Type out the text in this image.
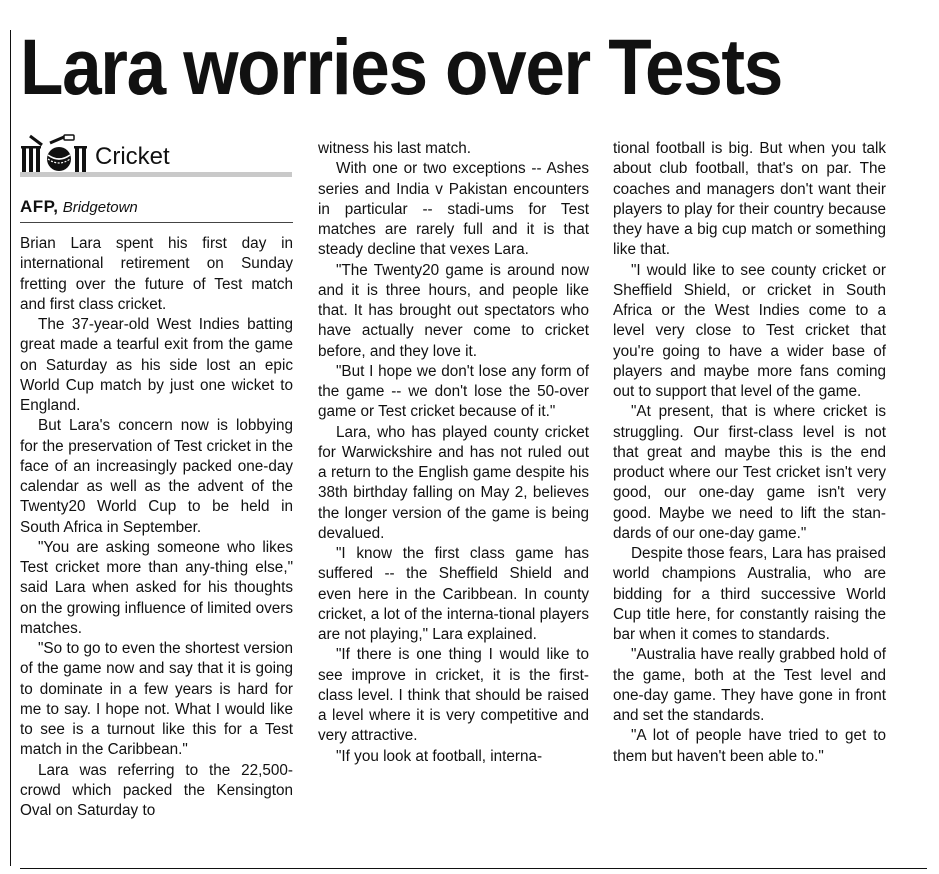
Lara worries over Tests
Cricket
AFP, Bridgetown

Brian Lara spent his first day in international retirement on Sunday fretting over the future of Test match and first class cricket.

The 37-year-old West Indies batting great made a tearful exit from the game on Saturday as his side lost an epic World Cup match by just one wicket to England.

But Lara's concern now is lobbying for the preservation of Test cricket in the face of an increasingly packed one-day calendar as well as the advent of the Twenty20 World Cup to be held in South Africa in September.

"You are asking someone who likes Test cricket more than any-thing else," said Lara when asked for his thoughts on the growing influence of limited overs matches.

"So to go to even the shortest version of the game now and say that it is going to dominate in a few years is hard for me to say. I hope not. What I would like to see is a turnout like this for a Test match in the Caribbean."

Lara was referring to the 22,500-crowd which packed the Kensington Oval on Saturday to

witness his last match.

With one or two exceptions -- Ashes series and India v Pakistan encounters in particular -- stadi-ums for Test matches are rarely full and it is that steady decline that vexes Lara.

"The Twenty20 game is around now and it is three hours, and people like that. It has brought out spectators who have actually never come to cricket before, and they love it.

"But I hope we don't lose any form of the game -- we don't lose the 50-over game or Test cricket because of it."

Lara, who has played county cricket for Warwickshire and has not ruled out a return to the English game despite his 38th birthday falling on May 2, believes the longer version of the game is being devalued.

"I know the first class game has suffered -- the Sheffield Shield and even here in the Caribbean. In county cricket, a lot of the interna-tional players are not playing," Lara explained.

"If there is one thing I would like to see improve in cricket, it is the first-class level. I think that should be raised a level where it is very competitive and very attractive.

"If you look at football, interna-

tional football is big. But when you talk about club football, that's on par. The coaches and managers don't want their players to play for their country because they have a big cup match or something like that.

"I would like to see county cricket or Sheffield Shield, or cricket in South Africa or the West Indies come to a level very close to Test cricket that you're going to have a wider base of players and maybe more fans coming out to support that level of the game.

"At present, that is where cricket is struggling. Our first-class level is not that great and maybe this is the end product where our Test cricket isn't very good, our one-day game isn't very good. Maybe we need to lift the stan-dards of our one-day game."

Despite those fears, Lara has praised world champions Australia, who are bidding for a third successive World Cup title here, for constantly raising the bar when it comes to standards.

"Australia have really grabbed hold of the game, both at the Test level and one-day game. They have gone in front and set the standards.

"A lot of people have tried to get to them but haven't been able to."
